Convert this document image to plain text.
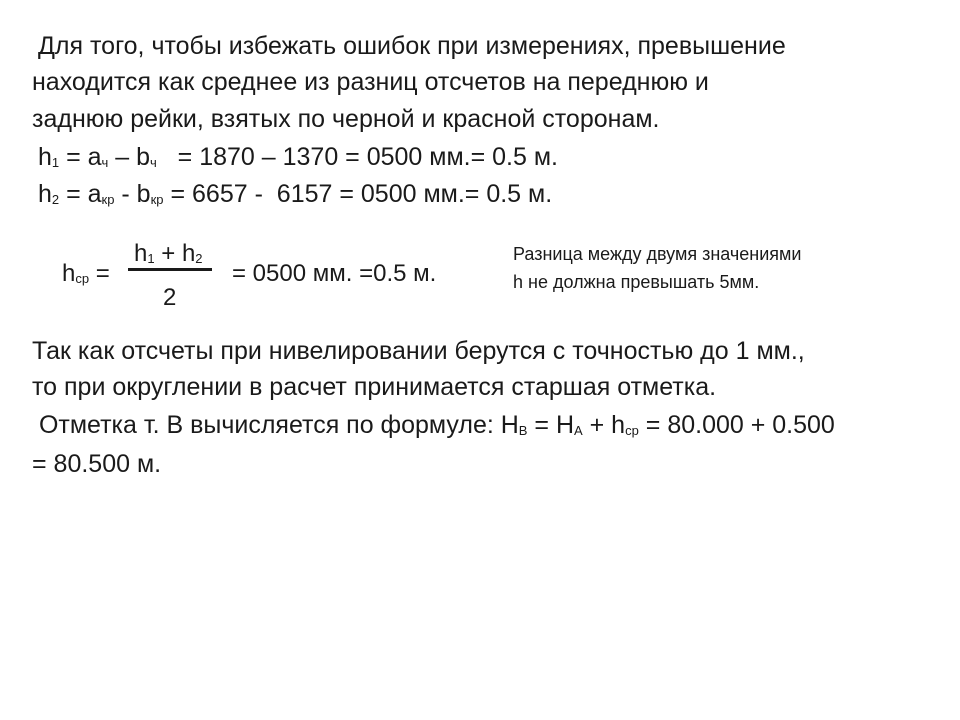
Для того, чтобы избежать ошибок при измерениях, превышение
находится как среднее из разниц отсчетов на переднюю и
заднюю рейки, взятых по черной и красной сторонам.
h1 = aч – bч   = 1870 – 1370 = 0500 мм.= 0.5 м.
h2 = aкр - bкр = 6657 -  6157 = 0500 мм.= 0.5 м.
hср =
h1 + h2
2
= 0500 мм. =0.5 м.
Разница между двумя значениями
h не должна превышать 5мм.
Так как отсчеты при нивелировании берутся с точностью до 1 мм.,
то при округлении в расчет принимается старшая отметка.
Отметка т. В вычисляется по формуле: HВ = HА + hср = 80.000 + 0.500
= 80.500 м.
